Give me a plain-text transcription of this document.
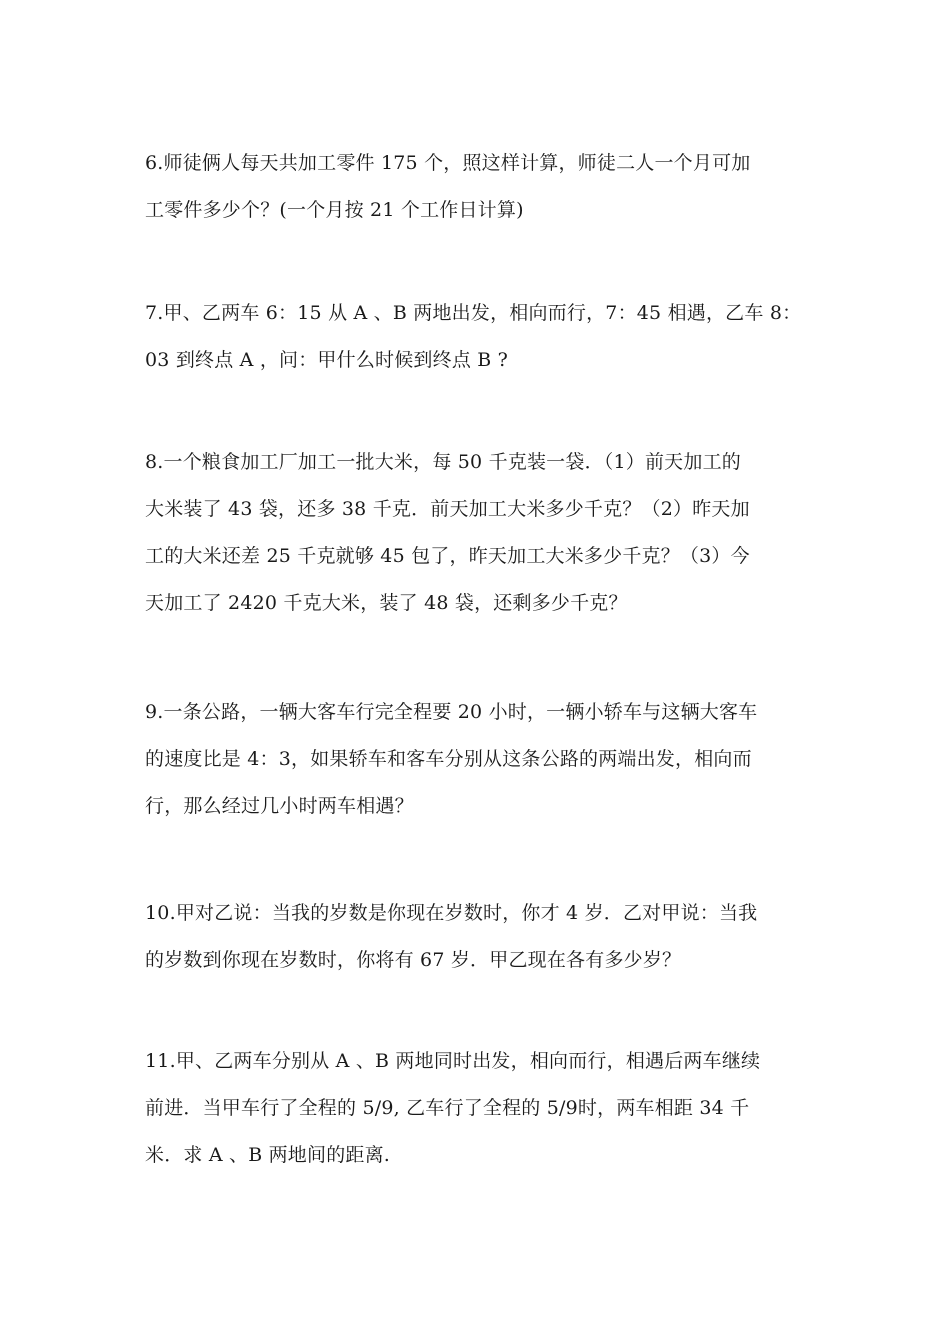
6.师徒俩人每天共加工零件 175 个，照这样计算，师徒二人一个月可加
工零件多少个？(一个月按 21 个工作日计算)
7.甲、乙两车 6：15 从 A 、B 两地出发，相向而行，7：45 相遇，乙车 8：
03 到终点 A ，问：甲什么时候到终点 B ?
8.一个粮食加工厂加工一批大米，每 50 千克装一袋．（1）前天加工的
大米装了 43 袋，还多 38 千克．前天加工大米多少千克？（2）昨天加
工的大米还差 25 千克就够 45 包了，昨天加工大米多少千克？（3）今
天加工了 2420 千克大米，装了 48 袋，还剩多少千克？
9.一条公路，一辆大客车行完全程要 20 小时，一辆小轿车与这辆大客车
的速度比是 4：3，如果轿车和客车分别从这条公路的两端出发，相向而
行，那么经过几小时两车相遇？
10.甲对乙说：当我的岁数是你现在岁数时，你才 4 岁．乙对甲说：当我
的岁数到你现在岁数时，你将有 67 岁．甲乙现在各有多少岁？
11.甲、乙两车分别从 A 、B 两地同时出发，相向而行，相遇后两车继续
前进．当甲车行了全程的 5/9, 乙车行了全程的 5/9时，两车相距 34 千
米．求 A 、B 两地间的距离.
